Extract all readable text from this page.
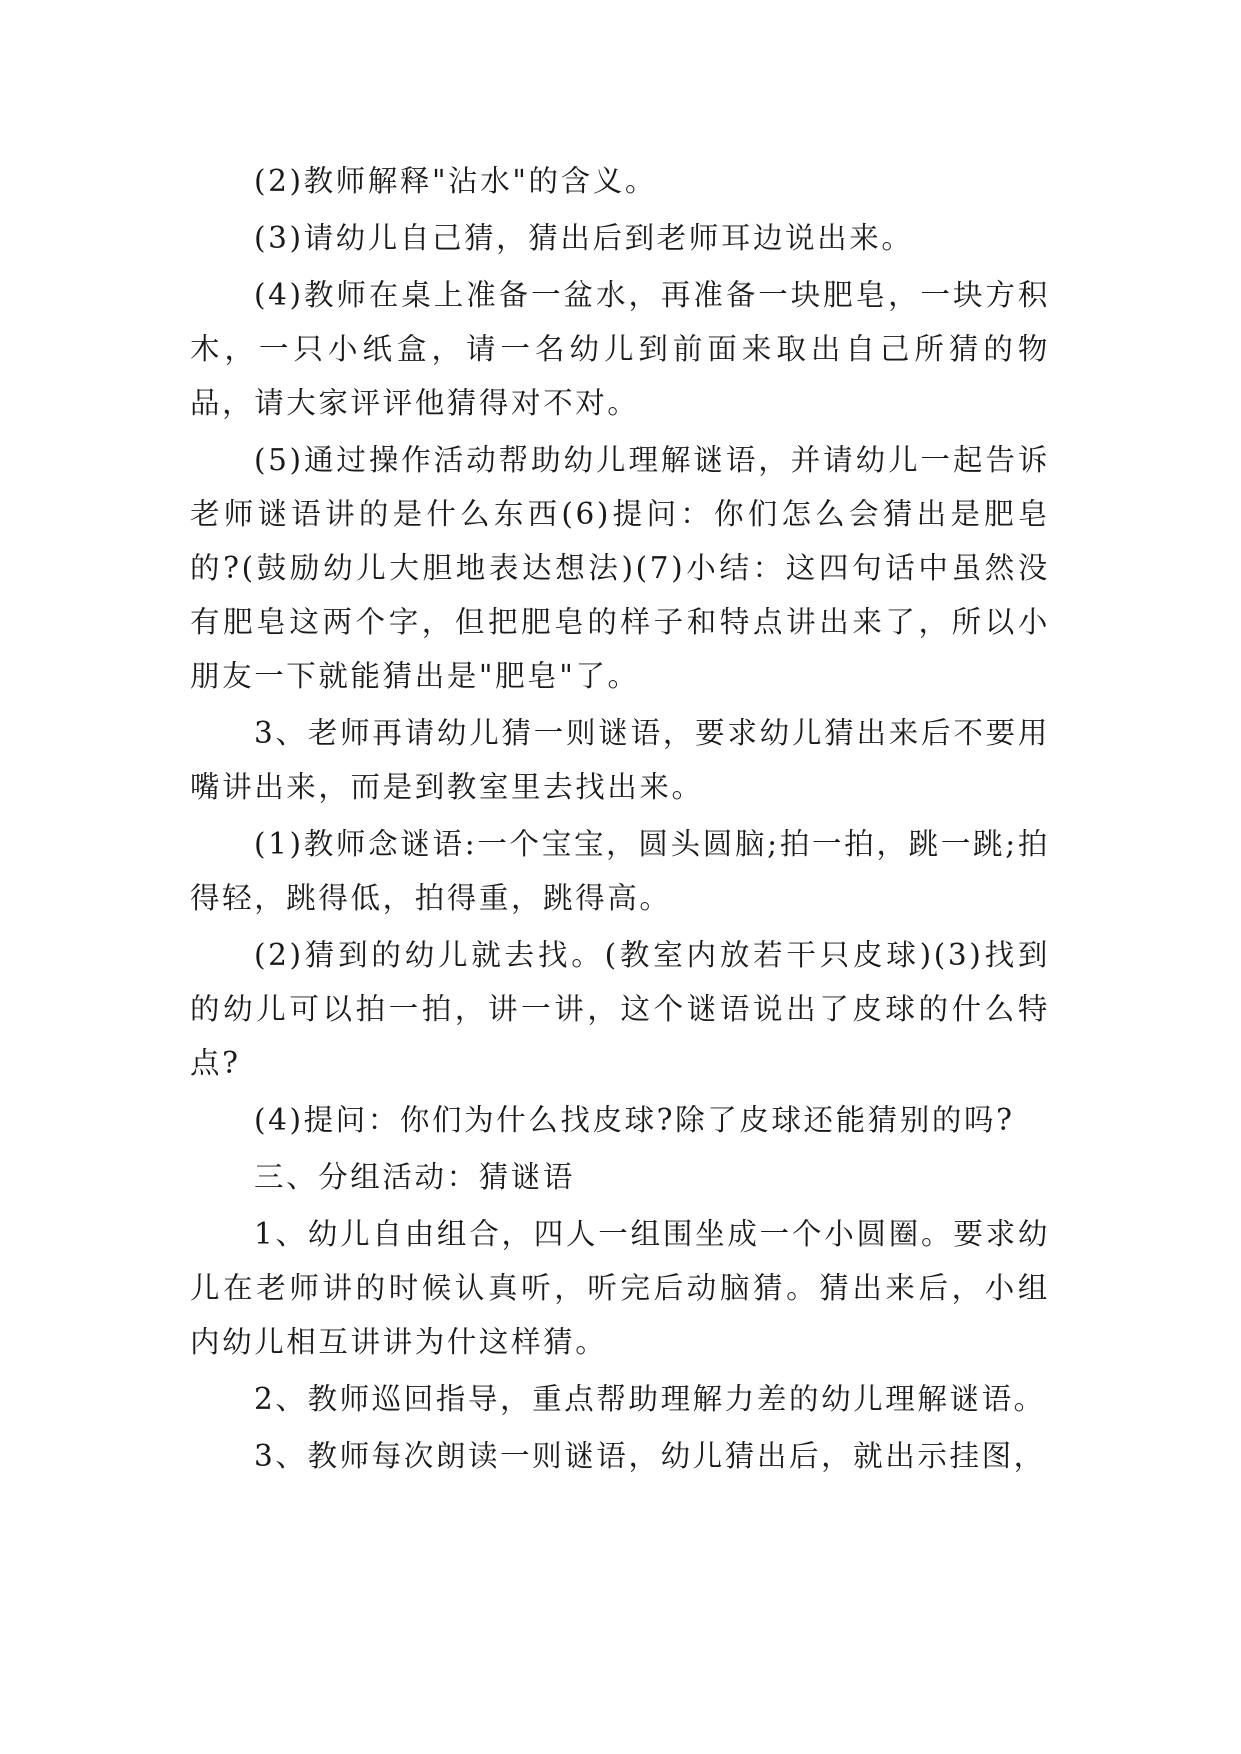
(2)教师解释"沾水"的含义。

(3)请幼儿自己猜，猜出后到老师耳边说出来。

(4)教师在桌上准备一盆水，再准备一块肥皂，一块方积木，一只小纸盒，请一名幼儿到前面来取出自己所猜的物品，请大家评评他猜得对不对。

(5)通过操作活动帮助幼儿理解谜语，并请幼儿一起告诉老师谜语讲的是什么东西(6)提问：你们怎么会猜出是肥皂的?(鼓励幼儿大胆地表达想法)(7)小结：这四句话中虽然没有肥皂这两个字，但把肥皂的样子和特点讲出来了，所以小朋友一下就能猜出是"肥皂"了。

3、老师再请幼儿猜一则谜语，要求幼儿猜出来后不要用嘴讲出来，而是到教室里去找出来。

(1)教师念谜语:一个宝宝，圆头圆脑;拍一拍，跳一跳;拍得轻，跳得低，拍得重，跳得高。

(2)猜到的幼儿就去找。(教室内放若干只皮球)(3)找到的幼儿可以拍一拍，讲一讲，这个谜语说出了皮球的什么特点?

(4)提问：你们为什么找皮球?除了皮球还能猜别的吗?

三、分组活动：猜谜语

1、幼儿自由组合，四人一组围坐成一个小圆圈。要求幼儿在老师讲的时候认真听，听完后动脑猜。猜出来后，小组内幼儿相互讲讲为什这样猜。

2、教师巡回指导，重点帮助理解力差的幼儿理解谜语。

3、教师每次朗读一则谜语，幼儿猜出后，就出示挂图，
